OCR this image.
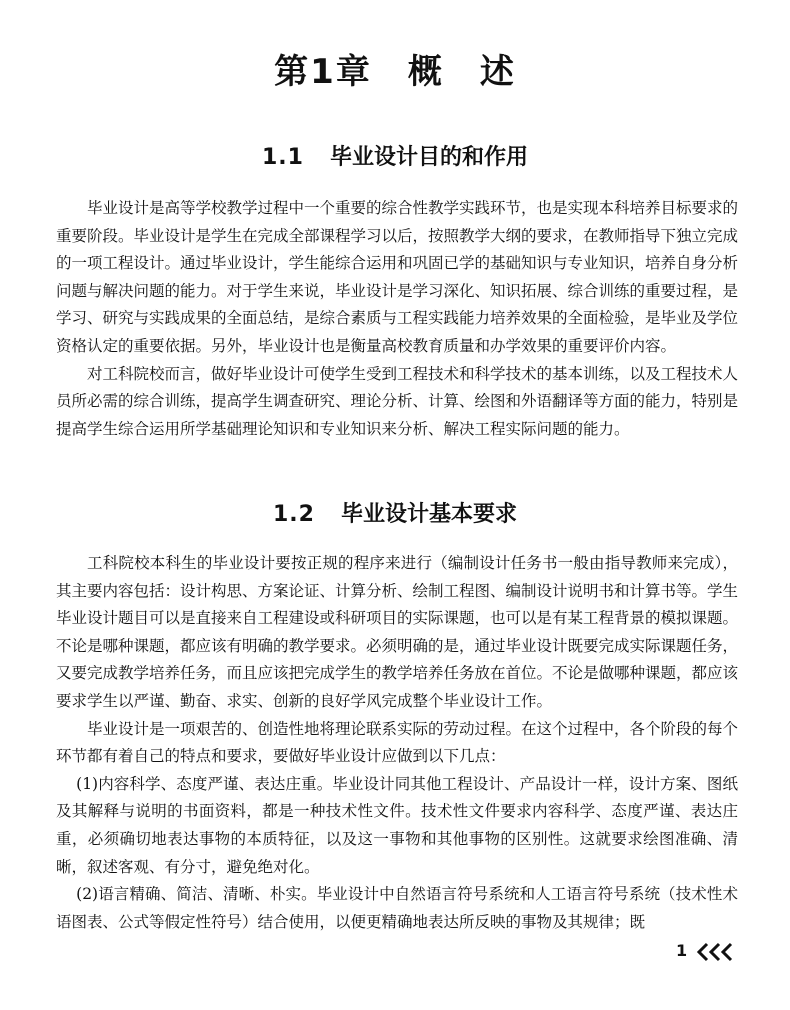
第1章 概　述
1.1 毕业设计目的和作用

毕业设计是高等学校教学过程中一个重要的综合性教学实践环节，也是实现本科培养目标要求的重要阶段。毕业设计是学生在完成全部课程学习以后，按照教学大纲的要求，在教师指导下独立完成的一项工程设计。通过毕业设计，学生能综合运用和巩固已学的基础知识与专业知识，培养自身分析问题与解决问题的能力。对于学生来说，毕业设计是学习深化、知识拓展、综合训练的重要过程，是学习、研究与实践成果的全面总结，是综合素质与工程实践能力培养效果的全面检验，是毕业及学位资格认定的重要依据。另外，毕业设计也是衡量高校教育质量和办学效果的重要评价内容。

对工科院校而言，做好毕业设计可使学生受到工程技术和科学技术的基本训练，以及工程技术人员所必需的综合训练，提高学生调查研究、理论分析、计算、绘图和外语翻译等方面的能力，特别是提高学生综合运用所学基础理论知识和专业知识来分析、解决工程实际问题的能力。

1.2 毕业设计基本要求

工科院校本科生的毕业设计要按正规的程序来进行（编制设计任务书一般由指导教师来完成），其主要内容包括：设计构思、方案论证、计算分析、绘制工程图、编制设计说明书和计算书等。学生毕业设计题目可以是直接来自工程建设或科研项目的实际课题，也可以是有某工程背景的模拟课题。不论是哪种课题，都应该有明确的教学要求。必须明确的是，通过毕业设计既要完成实际课题任务，又要完成教学培养任务，而且应该把完成学生的教学培养任务放在首位。不论是做哪种课题，都应该要求学生以严谨、勤奋、求实、创新的良好学风完成整个毕业设计工作。

毕业设计是一项艰苦的、创造性地将理论联系实际的劳动过程。在这个过程中，各个阶段的每个环节都有着自己的特点和要求，要做好毕业设计应做到以下几点：

(1)内容科学、态度严谨、表达庄重。毕业设计同其他工程设计、产品设计一样，设计方案、图纸及其解释与说明的书面资料，都是一种技术性文件。技术性文件要求内容科学、态度严谨、表达庄重，必须确切地表达事物的本质特征，以及这一事物和其他事物的区别性。这就要求绘图准确、清晰，叙述客观、有分寸，避免绝对化。

(2)语言精确、简洁、清晰、朴实。毕业设计中自然语言符号系统和人工语言符号系统（技术性术语图表、公式等假定性符号）结合使用，以便更精确地表达所反映的事物及其规律；既

1
